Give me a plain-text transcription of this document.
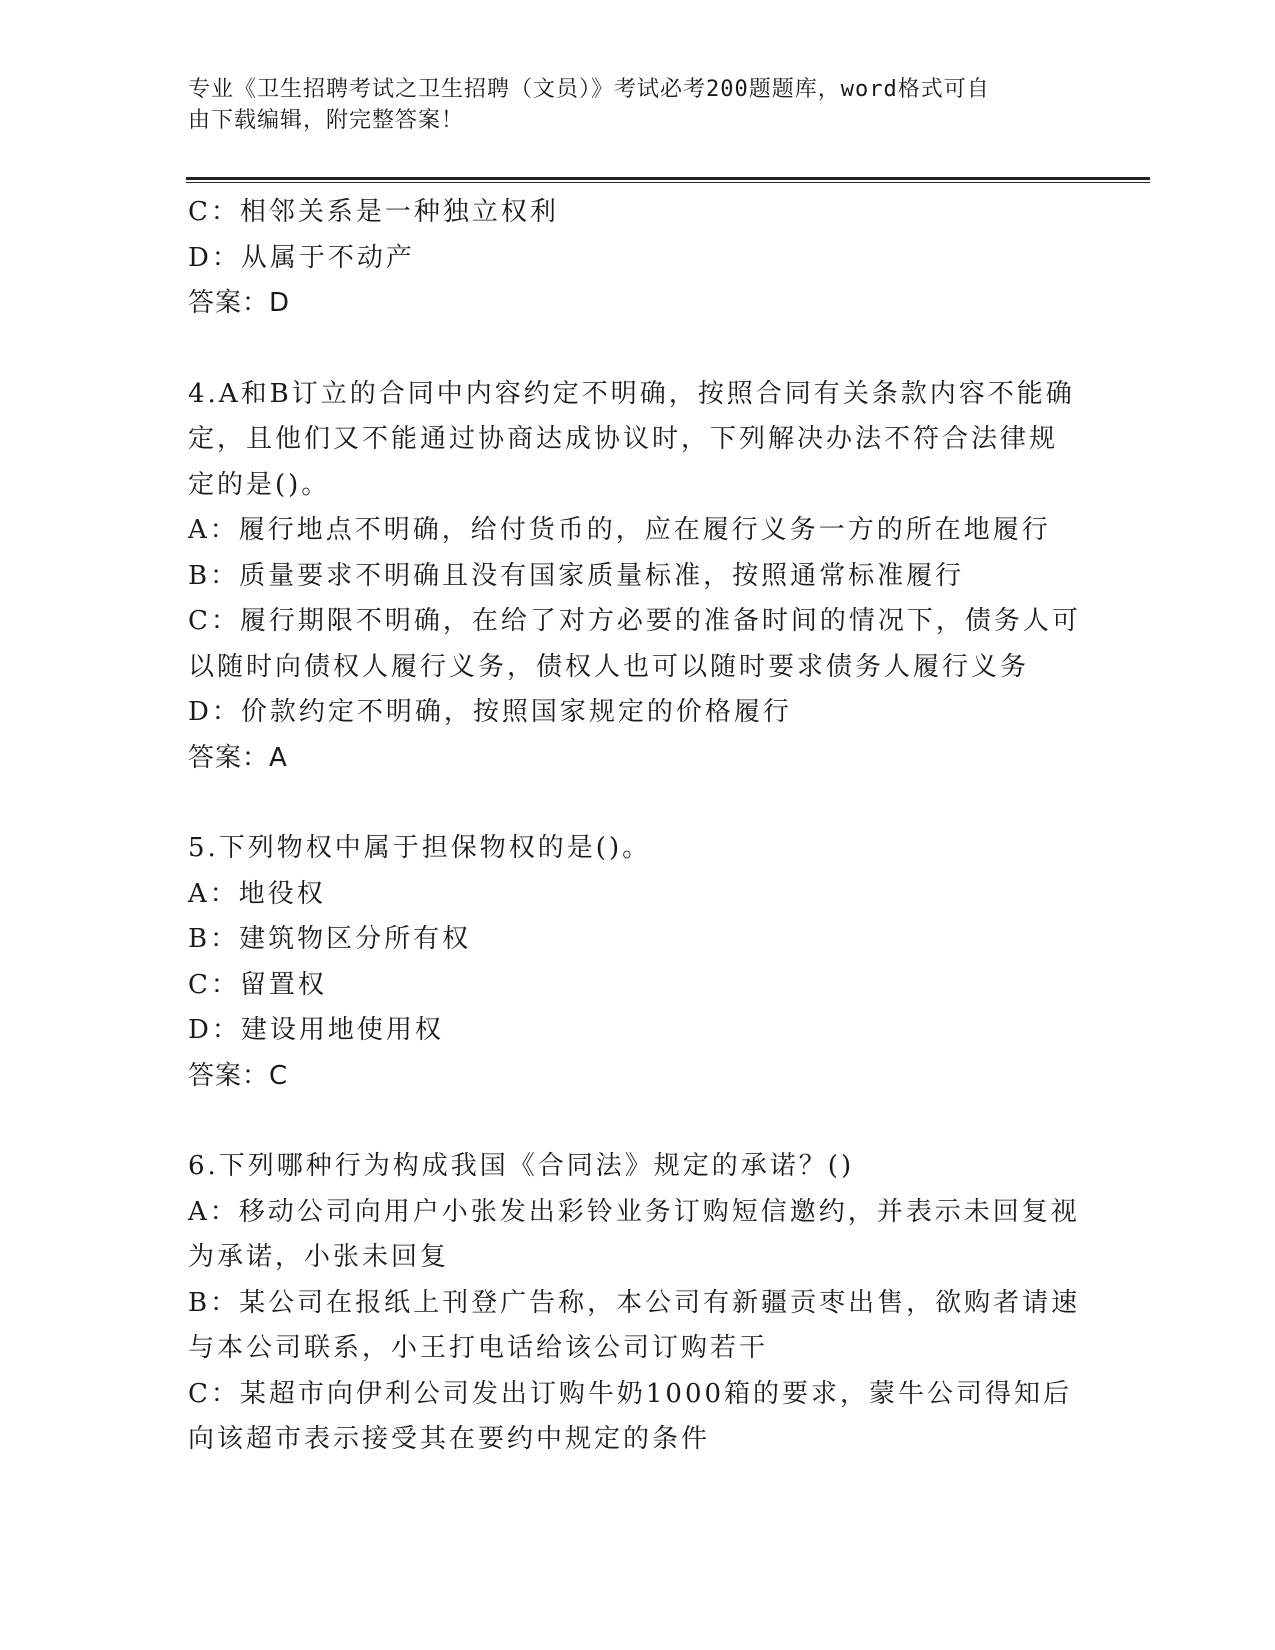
专业《卫生招聘考试之卫生招聘（文员）》考试必考200题题库，word格式可自
由下载编辑，附完整答案！
C：相邻关系是一种独立权利
D：从属于不动产
答案：D
4.A和B订立的合同中内容约定不明确，按照合同有关条款内容不能确
定，且他们又不能通过协商达成协议时，下列解决办法不符合法律规
定的是()。
A：履行地点不明确，给付货币的，应在履行义务一方的所在地履行
B：质量要求不明确且没有国家质量标准，按照通常标准履行
C：履行期限不明确，在给了对方必要的准备时间的情况下，债务人可
以随时向债权人履行义务，债权人也可以随时要求债务人履行义务
D：价款约定不明确，按照国家规定的价格履行
答案：A
5.下列物权中属于担保物权的是()。
A：地役权
B：建筑物区分所有权
C：留置权
D：建设用地使用权
答案：C
6.下列哪种行为构成我国《合同法》规定的承诺？()
A：移动公司向用户小张发出彩铃业务订购短信邀约，并表示未回复视
为承诺，小张未回复
B：某公司在报纸上刊登广告称，本公司有新疆贡枣出售，欲购者请速
与本公司联系，小王打电话给该公司订购若干
C：某超市向伊利公司发出订购牛奶1000箱的要求，蒙牛公司得知后
向该超市表示接受其在要约中规定的条件
